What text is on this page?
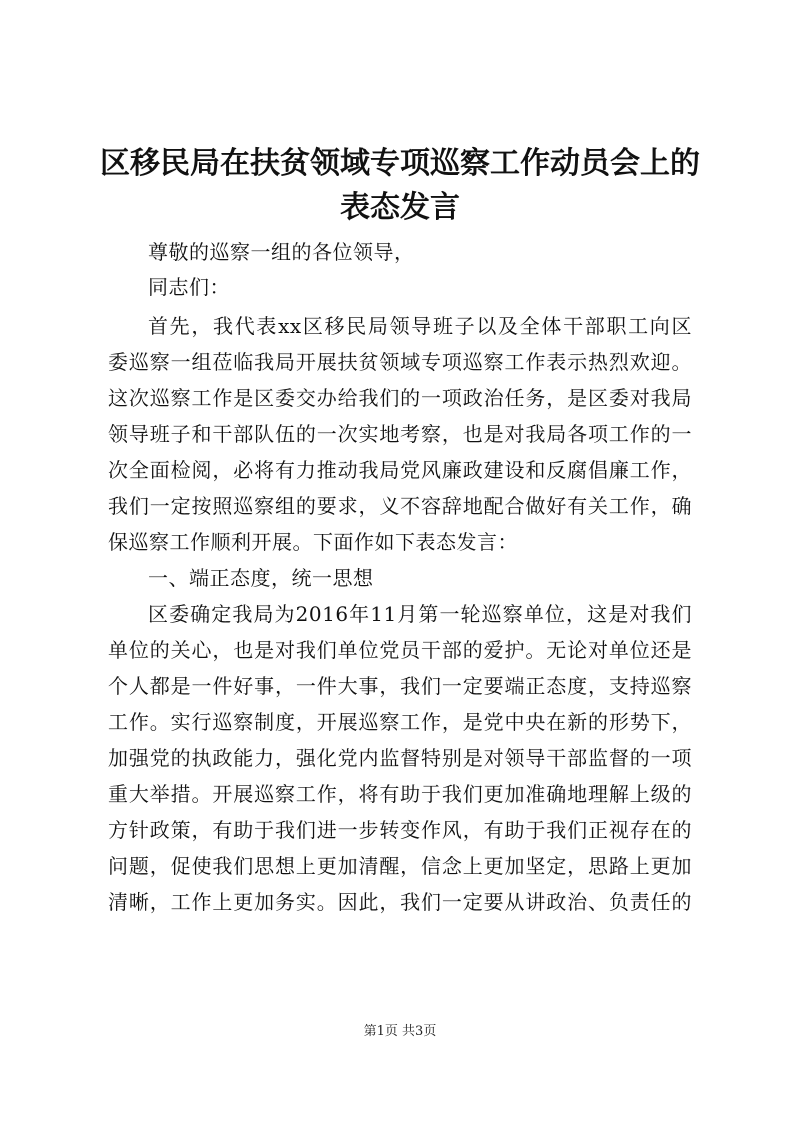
区移民局在扶贫领域专项巡察工作动员会上的
表态发言
尊敬的巡察一组的各位领导，
同志们：
首先，我代表xx区移民局领导班子以及全体干部职工向区
委巡察一组莅临我局开展扶贫领域专项巡察工作表示热烈欢迎。
这次巡察工作是区委交办给我们的一项政治任务，是区委对我局
领导班子和干部队伍的一次实地考察，也是对我局各项工作的一
次全面检阅，必将有力推动我局党风廉政建设和反腐倡廉工作，
我们一定按照巡察组的要求，义不容辞地配合做好有关工作，确
保巡察工作顺利开展。下面作如下表态发言：
一、端正态度，统一思想
区委确定我局为2016年11月第一轮巡察单位，这是对我们
单位的关心，也是对我们单位党员干部的爱护。无论对单位还是
个人都是一件好事，一件大事，我们一定要端正态度，支持巡察
工作。实行巡察制度，开展巡察工作，是党中央在新的形势下，
加强党的执政能力，强化党内监督特别是对领导干部监督的一项
重大举措。开展巡察工作，将有助于我们更加准确地理解上级的
方针政策，有助于我们进一步转变作风，有助于我们正视存在的
问题，促使我们思想上更加清醒，信念上更加坚定，思路上更加
清晰，工作上更加务实。因此，我们一定要从讲政治、负责任的
第1页 共3页
